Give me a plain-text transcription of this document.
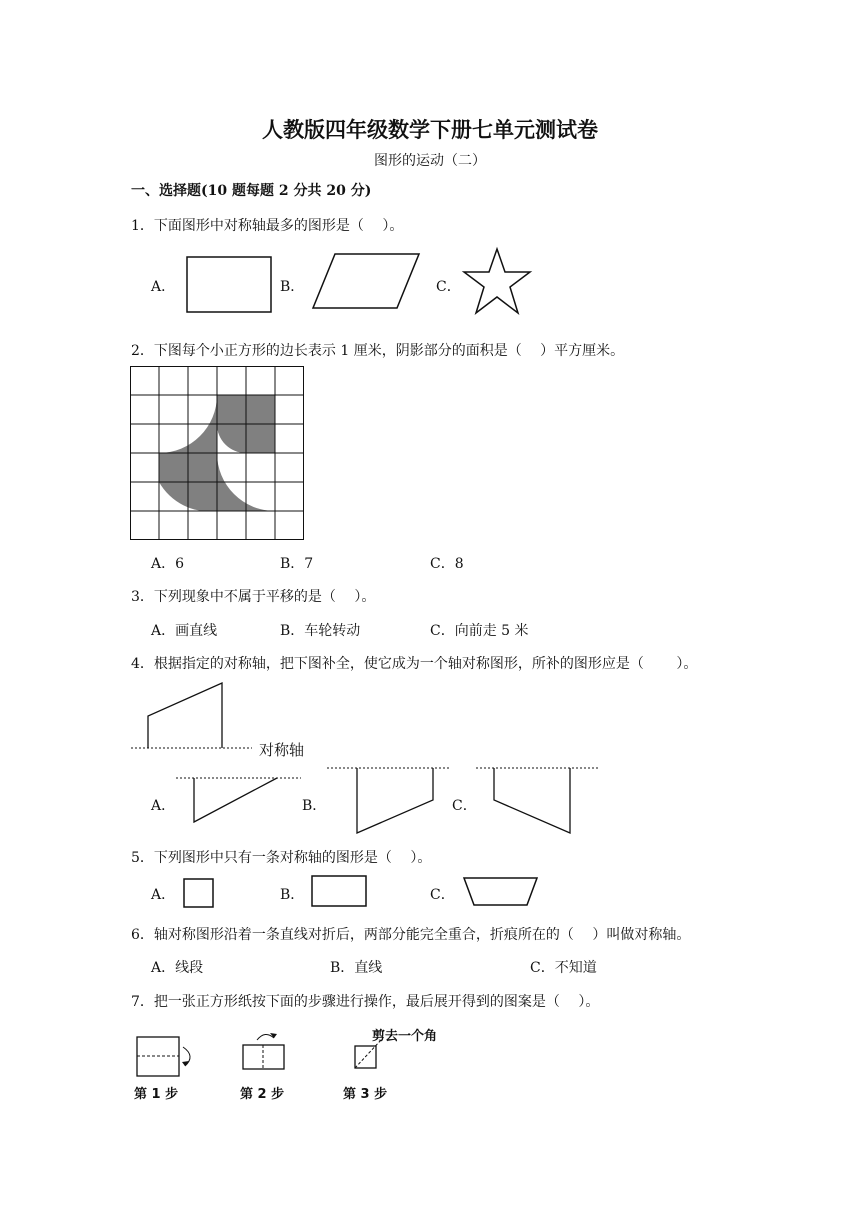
人教版四年级数学下册七单元测试卷
图形的运动（二）
一、选择题(10 题每题 2 分共 20 分)
1．下面图形中对称轴最多的图形是（　 ）。
A．	B．	C．
2．下图每个小正方形的边长表示 1 厘米，阴影部分的面积是（　 ）平方厘米。
A．6	B．7	C．8
3．下列现象中不属于平移的是（　 ）。
A．画直线	B．车轮转动	C．向前走 5 米
4．根据指定的对称轴，把下图补全，使它成为一个轴对称图形，所补的图形应是（　　 ）。
对称轴
A．	B．	C．
5．下列图形中只有一条对称轴的图形是（　 ）。
A．	B．	C．
6．轴对称图形沿着一条直线对折后，两部分能完全重合，折痕所在的（　 ）叫做对称轴。
A．线段	B．直线	C．不知道
7．把一张正方形纸按下面的步骤进行操作，最后展开得到的图案是（　 ）。
剪去一个角
第 1 步	第 2 步	第 3 步
